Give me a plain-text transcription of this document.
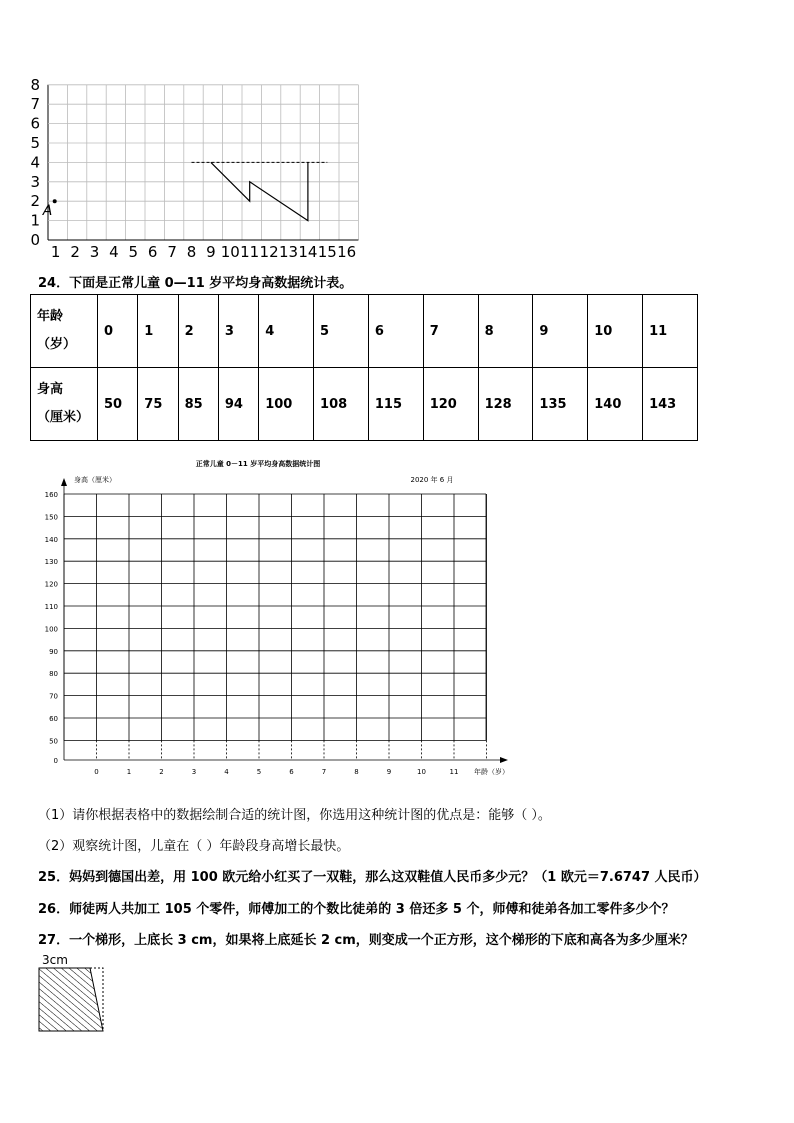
0
1
2
3
4
5
6
7
8
1 2 3 4 5 6 7 8 9 10 11 12 13 14 15 16
A
24．下面是正常儿童 0—11 岁平均身高数据统计表。
年龄
（岁）	0	1	2	3	4	5	6	7	8	9	10	11

身高
（厘米）	50	75	85	94	100	108	115	120	128	135	140	143
正常儿童 0－11 岁平均身高数据统计图
2020 年 6 月
身高（厘米）
年龄（岁）
160
150
140
130
120
110
100
90
80
70
60
50
0
0	1	2	3	4	5	6	7	8	9	10	11
（1）请你根据表格中的数据绘制合适的统计图，你选用这种统计图的优点是：能够（ ）。
（2）观察统计图，儿童在（ ）年龄段身高增长最快。
25．妈妈到德国出差，用 100 欧元给小红买了一双鞋，那么这双鞋值人民币多少元？（1 欧元＝7.6747 人民币）
26．师徒两人共加工 105 个零件，师傅加工的个数比徒弟的 3 倍还多 5 个，师傅和徒弟各加工零件多少个？
27．一个梯形，上底长 3 cm，如果将上底延长 2 cm，则变成一个正方形，这个梯形的下底和高各为多少厘米？
3cm
